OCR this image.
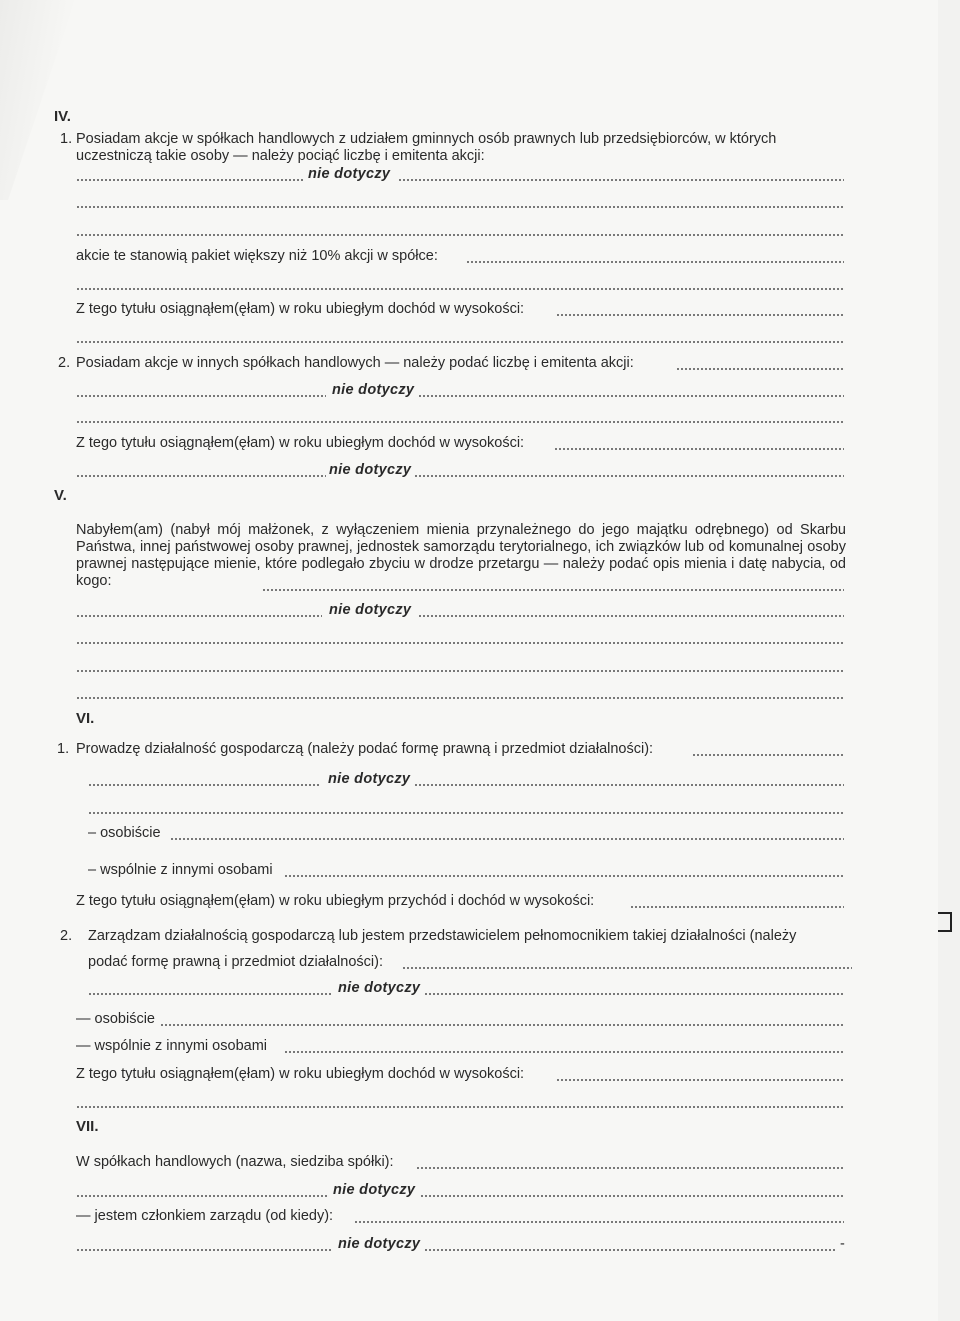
IV.
1. Posiadam akcje w spółkach handlowych z udziałem gminnych osób prawnych lub przedsiębiorców, w których
uczestniczą takie osoby — należy pociąć liczbę i emitenta akcji:
nie dotyczy
akcie te stanowią pakiet większy niż 10% akcji w spółce:
Z tego tytułu osiągnąłem(ęłam) w roku ubiegłym dochód w wysokości:
2. Posiadam akcje w innych spółkach handlowych — należy podać liczbę i emitenta akcji:
nie dotyczy
Z tego tytułu osiągnąłem(ęłam) w roku ubiegłym dochód w wysokości:
nie dotyczy
V.
Nabyłem(am) (nabył mój małżonek, z wyłączeniem mienia przynależnego do jego majątku odrębnego) od Skarbu Państwa, innej państwowej osoby prawnej, jednostek samorządu terytorialnego, ich związków lub od komunalnej osoby prawnej następujące mienie, które podlegało zbyciu w drodze przetargu — należy podać opis mienia i datę nabycia, od kogo:
nie dotyczy
VI.
1. Prowadzę działalność gospodarczą (należy podać formę prawną i przedmiot działalności):
nie dotyczy
– osobiście
– wspólnie z innymi osobami
Z tego tytułu osiągnąłem(ęłam) w roku ubiegłym przychód i dochód w wysokości:
2. Zarządzam działalnością gospodarczą lub jestem przedstawicielem pełnomocnikiem takiej działalności (należy
podać formę prawną i przedmiot działalności):
nie dotyczy
— osobiście
— wspólnie z innymi osobami
Z tego tytułu osiągnąłem(ęłam) w roku ubiegłym dochód w wysokości:
VII.
W spółkach handlowych (nazwa, siedziba spółki):
nie dotyczy
— jestem członkiem zarządu (od kiedy):
nie dotyczy	-
